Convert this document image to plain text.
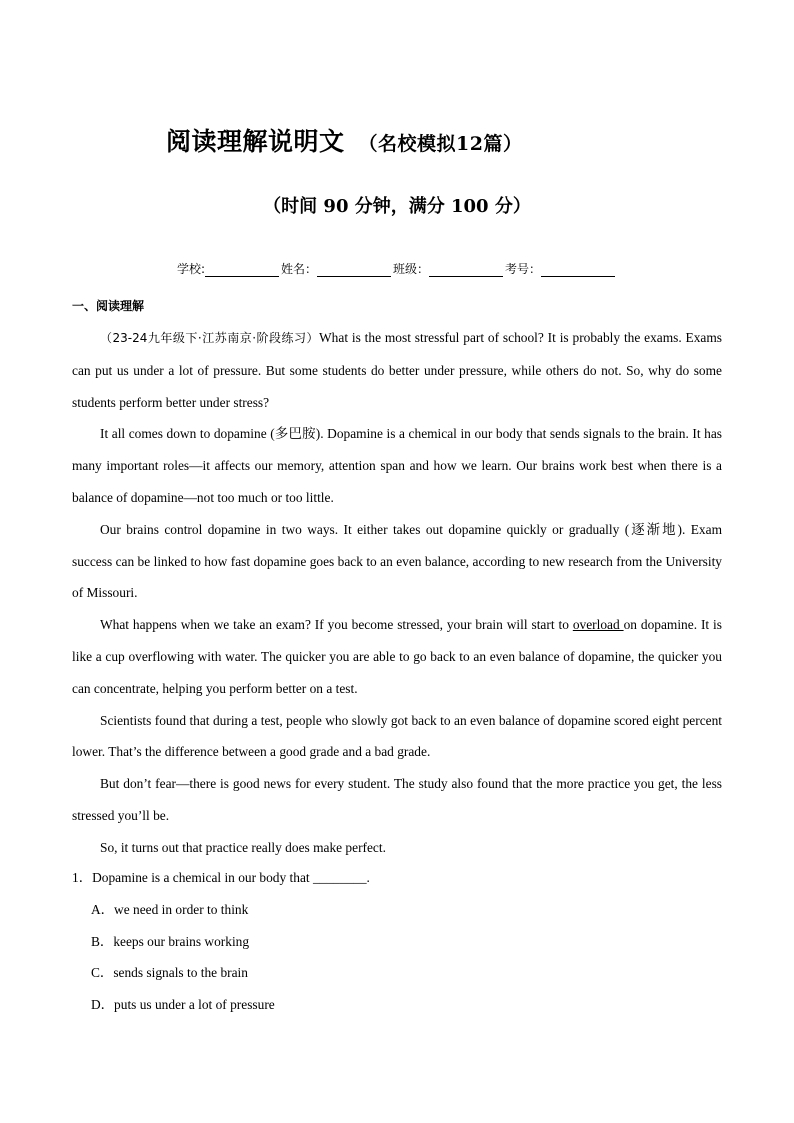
阅读理解说明文 （名校模拟12篇）
（时间 90 分钟，满分 100 分）
学校:	姓名：	班级：	考号：
一、阅读理解

（23-24九年级下·江苏南京·阶段练习）What is the most stressful part of school? It is probably the exams. Exams can put us under a lot of pressure. But some students do better under pressure, while others do not. So, why do some students perform better under stress?

It all comes down to dopamine (多巴胺). Dopamine is a chemical in our body that sends signals to the brain. It has many important roles—it affects our memory, attention span and how we learn. Our brains work best when there is a balance of dopamine—not too much or too little.

Our brains control dopamine in two ways. It either takes out dopamine quickly or gradually (逐渐地). Exam success can be linked to how fast dopamine goes back to an even balance, according to new research from the University of Missouri.

What happens when we take an exam? If you become stressed, your brain will start to overload on dopamine. It is like a cup overflowing with water. The quicker you are able to go back to an even balance of dopamine, the quicker you can concentrate, helping you perform better on a test.

Scientists found that during a test, people who slowly got back to an even balance of dopamine scored eight percent lower. That’s the difference between a good grade and a bad grade.

But don’t fear—there is good news for every student. The study also found that the more practice you get, the less stressed you’ll be.

So, it turns out that practice really does make perfect.

1．Dopamine is a chemical in our body that ________.

A．we need in order to think

B．keeps our brains working

C．sends signals to the brain

D．puts us under a lot of pressure
